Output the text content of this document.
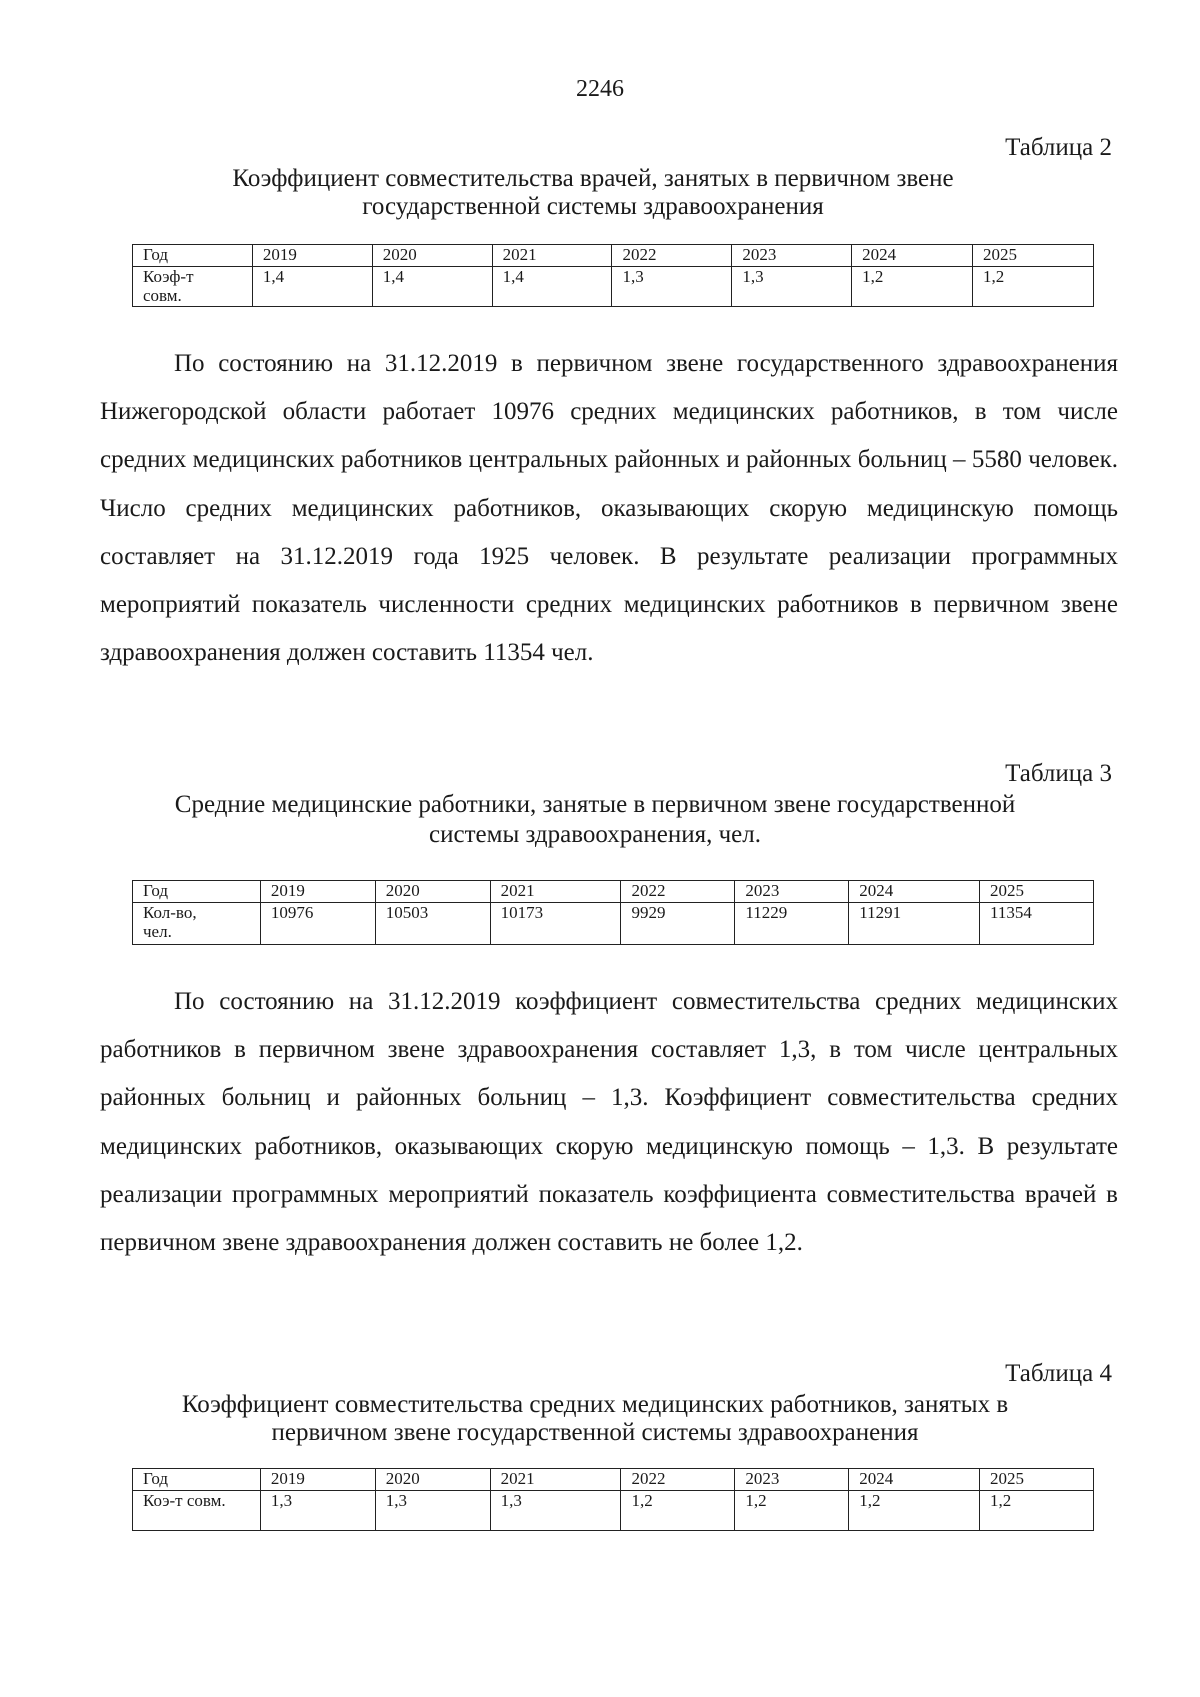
2246
Таблица 2
Коэффициент совместительства врачей, занятых в первичном звене
государственной системы здравоохранения
Год	2019	2020	2021	2022	2023	2024	2025
Коэф-т
совм.	1,4	1,4	1,4	1,3	1,3	1,2	1,2
По состоянию на 31.12.2019 в первичном звене государственного здравоохранения Нижегородской области работает 10976 средних медицинских работников, в том числе средних медицинских работников центральных районных и районных больниц – 5580 человек. Число средних медицинских работников, оказывающих скорую медицинскую помощь составляет на 31.12.2019 года 1925 человек. В результате реализации программных мероприятий показатель численности средних медицинских работников в первичном звене здравоохранения должен составить 11354 чел.
Таблица 3
Средние медицинские работники, занятые в первичном звене государственной
системы здравоохранения, чел.
Год	2019	2020	2021	2022	2023	2024	2025
Кол-во,
чел.	10976	10503	10173	9929	11229	11291	11354
По состоянию на 31.12.2019 коэффициент совместительства средних медицинских работников в первичном звене здравоохранения составляет 1,3, в том числе центральных районных больниц и районных больниц – 1,3. Коэффициент совместительства средних медицинских работников, оказывающих скорую медицинскую помощь – 1,3. В результате реализации программных мероприятий показатель коэффициента совместительства врачей в первичном звене здравоохранения должен составить не более 1,2.
Таблица 4
Коэффициент совместительства средних медицинских работников, занятых в
первичном звене государственной системы здравоохранения
Год	2019	2020	2021	2022	2023	2024	2025
Коэ-т совм.	1,3	1,3	1,3	1,2	1,2	1,2	1,2
